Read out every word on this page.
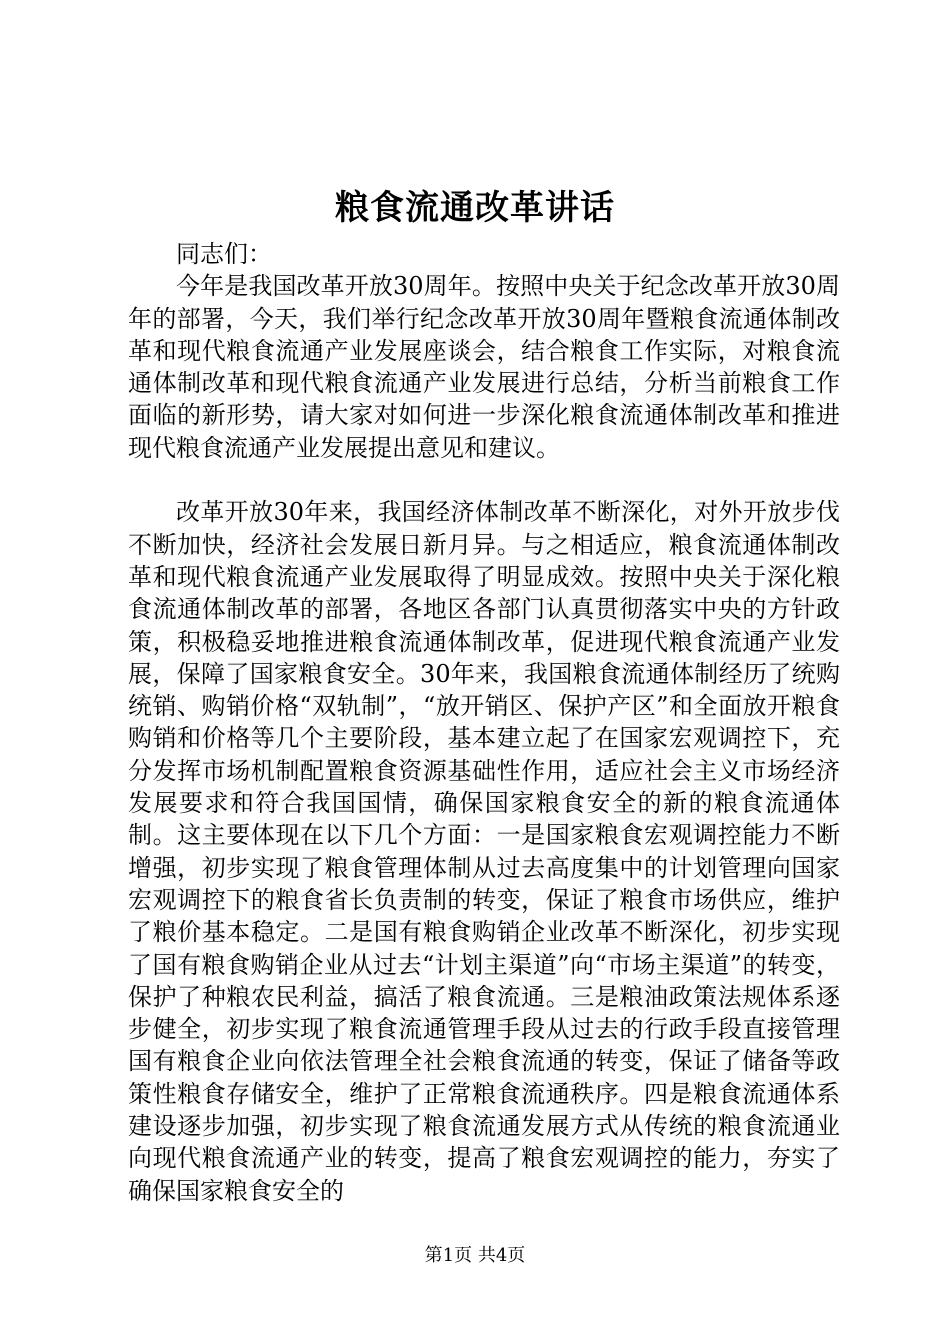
粮食流通改革讲话

同志们：

今年是我国改革开放30周年。按照中央关于纪念改革开放30周年的部署，今天，我们举行纪念改革开放30周年暨粮食流通体制改革和现代粮食流通产业发展座谈会，结合粮食工作实际，对粮食流通体制改革和现代粮食流通产业发展进行总结，分析当前粮食工作面临的新形势，请大家对如何进一步深化粮食流通体制改革和推进现代粮食流通产业发展提出意见和建议。

改革开放30年来，我国经济体制改革不断深化，对外开放步伐不断加快，经济社会发展日新月异。与之相适应，粮食流通体制改革和现代粮食流通产业发展取得了明显成效。按照中央关于深化粮食流通体制改革的部署，各地区各部门认真贯彻落实中央的方针政策，积极稳妥地推进粮食流通体制改革，促进现代粮食流通产业发展，保障了国家粮食安全。30年来，我国粮食流通体制经历了统购统销、购销价格“双轨制”，“放开销区、保护产区”和全面放开粮食购销和价格等几个主要阶段，基本建立起了在国家宏观调控下，充分发挥市场机制配置粮食资源基础性作用，适应社会主义市场经济发展要求和符合我国国情，确保国家粮食安全的新的粮食流通体制。这主要体现在以下几个方面：一是国家粮食宏观调控能力不断增强，初步实现了粮食管理体制从过去高度集中的计划管理向国家宏观调控下的粮食省长负责制的转变，保证了粮食市场供应，维护了粮价基本稳定。二是国有粮食购销企业改革不断深化，初步实现了国有粮食购销企业从过去“计划主渠道”向“市场主渠道”的转变，保护了种粮农民利益，搞活了粮食流通。三是粮油政策法规体系逐步健全，初步实现了粮食流通管理手段从过去的行政手段直接管理国有粮食企业向依法管理全社会粮食流通的转变，保证了储备等政策性粮食存储安全，维护了正常粮食流通秩序。四是粮食流通体系建设逐步加强，初步实现了粮食流通发展方式从传统的粮食流通业向现代粮食流通产业的转变，提高了粮食宏观调控的能力，夯实了确保国家粮食安全的

第1页 共4页
